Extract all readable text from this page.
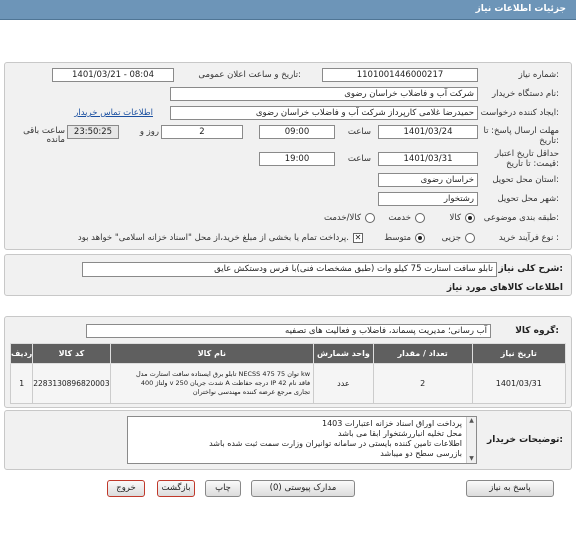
جزئیات اطلاعات نیاز
شماره نیاز:
1101001446000217
تاریخ و ساعت اعلان عمومی:
1401/03/21 - 08:04
نام دستگاه خریدار:
شرکت آب و فاضلاب خراسان رضوی
ایجاد کننده درخواست:
حمیدرضا غلامی کارپرداز شرکت آب و فاضلاب خراسان رضوی
اطلاعات تماس خریدار
مهلت ارسال پاسخ: تا تاریخ:
1401/03/24
ساعت
09:00
2
روز و
23:50:25
ساعت باقی مانده
حداقل تاریخ اعتبار قیمت: تا تاریخ:
1401/03/31
ساعت
19:00
استان محل تحویل:
خراسان رضوی
شهر محل تحویل:
رشتخوار
طبقه بندی موضوعی:
کالا
خدمت
کالا/خدمت
نوع فرآیند خرید :
جزیی
متوسط
✕
پرداخت تمام یا بخشی از مبلغ خرید،از محل "اسناد خزانه اسلامی" خواهد بود.
شرح کلی نیاز:
تابلو سافت استارت 75 کیلو وات (طبق مشخصات فنی)با فرس ودستکش عایق
اطلاعات کالاهای مورد نیاز
گروه کالا:
آب رسانی؛ مدیریت پسماند، فاضلاب و فعالیت های تصفیه
ردیف	کد کالا	نام کالا	واحد شمارش	تعداد / مقدار	تاریخ نیاز
1	2283130896820003	تابلو برق ایستاده سافت استارت مدل NECSS 475 توان 75 kw
ولتاژ 400 v شدت جریان 250 A درجه حفاظت IP 42 فاقد نام
تجاری مرجع عرضه کننده مهندسی نواختران	عدد	2	1401/03/31
توضیحات خریدار:
پرداخت اوراق اسناد خزانه اعتبارات 1403
محل تخلیه انباررشتخوار ابقا می باشد
اطلاعات تامین کننده بایستی در سامانه توانیران وزارت سمت ثبت شده باشد
بازرسی سطح دو میباشد
▲
▼
پاسخ به نیاز
مدارک پیوستی (0)
چاپ
بازگشت
خروج
